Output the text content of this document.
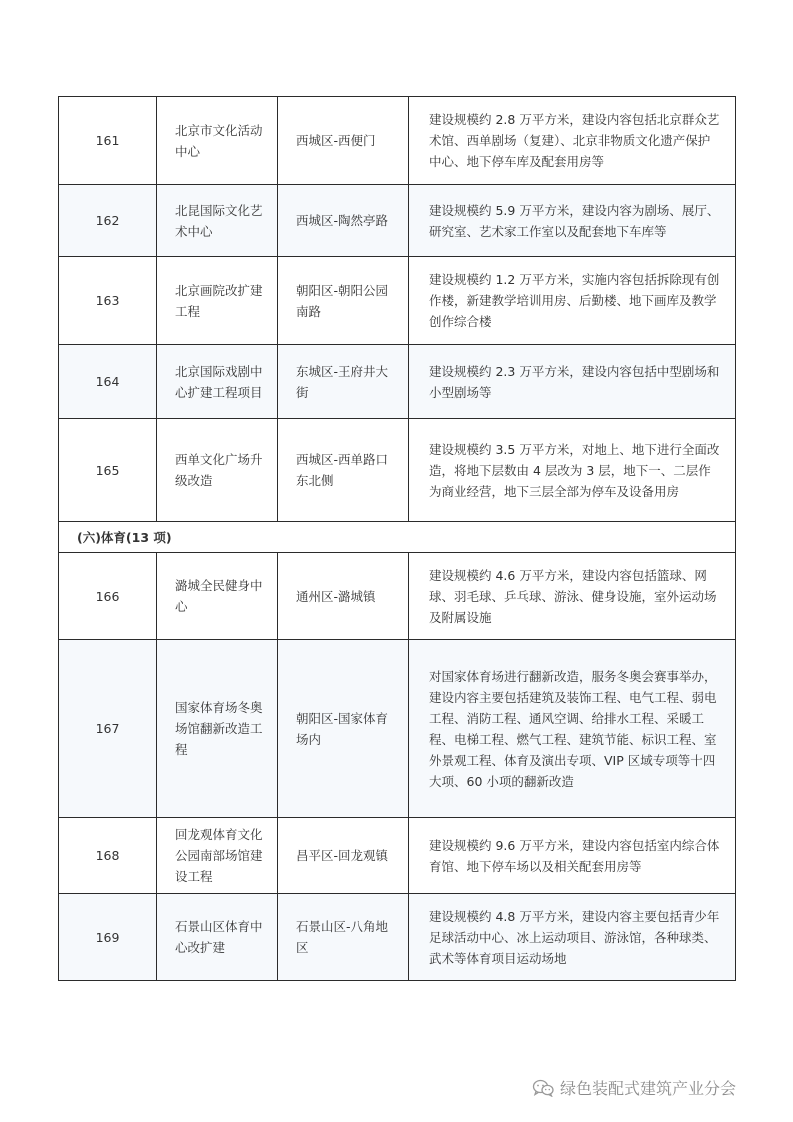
161	北京市文化活动中心	西城区-西便门	建设规模约 2.8 万平方米，建设内容包括北京群众艺术馆、西单剧场（复建）、北京非物质文化遗产保护中心、地下停车库及配套用房等
162	北昆国际文化艺术中心	西城区-陶然亭路	建设规模约 5.9 万平方米，建设内容为剧场、展厅、研究室、艺术家工作室以及配套地下车库等
163	北京画院改扩建工程	朝阳区-朝阳公园南路	建设规模约 1.2 万平方米，实施内容包括拆除现有创作楼，新建教学培训用房、后勤楼、地下画库及教学创作综合楼
164	北京国际戏剧中心扩建工程项目	东城区-王府井大街	建设规模约 2.3 万平方米，建设内容包括中型剧场和小型剧场等
165	西单文化广场升级改造	西城区-西单路口东北侧	建设规模约 3.5 万平方米，对地上、地下进行全面改造，将地下层数由 4 层改为 3 层，地下一、二层作为商业经营，地下三层全部为停车及设备用房
(六)体育(13 项)			
166	潞城全民健身中心	通州区-潞城镇	建设规模约 4.6 万平方米，建设内容包括篮球、网球、羽毛球、乒乓球、游泳、健身设施，室外运动场及附属设施
167	国家体育场冬奥场馆翻新改造工程	朝阳区-国家体育场内	对国家体育场进行翻新改造，服务冬奥会赛事举办，建设内容主要包括建筑及装饰工程、电气工程、弱电工程、消防工程、通风空调、给排水工程、采暖工程、电梯工程、燃气工程、建筑节能、标识工程、室外景观工程、体育及演出专项、VIP 区域专项等十四大项、60 小项的翻新改造
168	回龙观体育文化公园南部场馆建设工程	昌平区-回龙观镇	建设规模约 9.6 万平方米，建设内容包括室内综合体育馆、地下停车场以及相关配套用房等
169	石景山区体育中心改扩建	石景山区-八角地区	建设规模约 4.8 万平方米，建设内容主要包括青少年足球活动中心、冰上运动项目、游泳馆，各种球类、武术等体育项目运动场地
绿色装配式建筑产业分会
